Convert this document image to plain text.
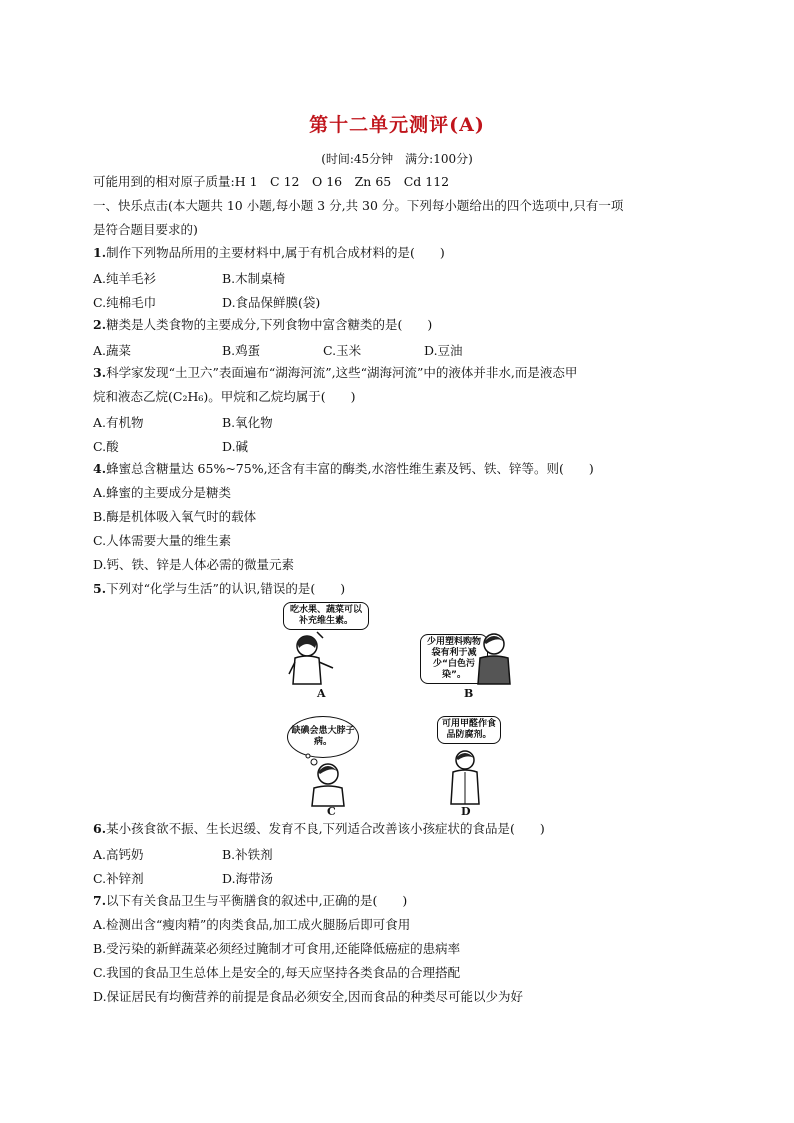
第十二单元测评(A)
(时间:45分钟　满分:100分)
可能用到的相对原子质量:H 1　C 12　O 16　Zn 65　Cd 112
一、快乐点击(本大题共 10 小题,每小题 3 分,共 30 分。下列每小题给出的四个选项中,只有一项
是符合题目要求的)
1.制作下列物品所用的主要材料中,属于有机合成材料的是(　　)
A.纯羊毛衫	B.木制桌椅
C.纯棉毛巾	D.食品保鲜膜(袋)
2.糖类是人类食物的主要成分,下列食物中富含糖类的是(　　)
A.蔬菜	B.鸡蛋	C.玉米	D.豆油
3.科学家发现“土卫六”表面遍布“湖海河流”,这些“湖海河流”中的液体并非水,而是液态甲
烷和液态乙烷(C₂H₆)。甲烷和乙烷均属于(　　)
A.有机物	B.氧化物
C.酸	D.碱
4.蜂蜜总含糖量达 65%~75%,还含有丰富的酶类,水溶性维生素及钙、铁、锌等。则(　　)
A.蜂蜜的主要成分是糖类
B.酶是机体吸入氧气时的载体
C.人体需要大量的维生素
D.钙、铁、锌是人体必需的微量元素
5.下列对“化学与生活”的认识,错误的是(　　)
吃水果、蔬菜可以补充维生素。
A
少用塑料购物袋有利于减少“白色污染”。
B
缺碘会患大脖子病。
C
可用甲醛作食品防腐剂。
D
6.某小孩食欲不振、生长迟缓、发育不良,下列适合改善该小孩症状的食品是(　　)
A.高钙奶	B.补铁剂
C.补锌剂	D.海带汤
7.以下有关食品卫生与平衡膳食的叙述中,正确的是(　　)
A.检测出含“瘦肉精”的肉类食品,加工成火腿肠后即可食用
B.受污染的新鲜蔬菜必须经过腌制才可食用,还能降低癌症的患病率
C.我国的食品卫生总体上是安全的,每天应坚持各类食品的合理搭配
D.保证居民有均衡营养的前提是食品必须安全,因而食品的种类尽可能以少为好
